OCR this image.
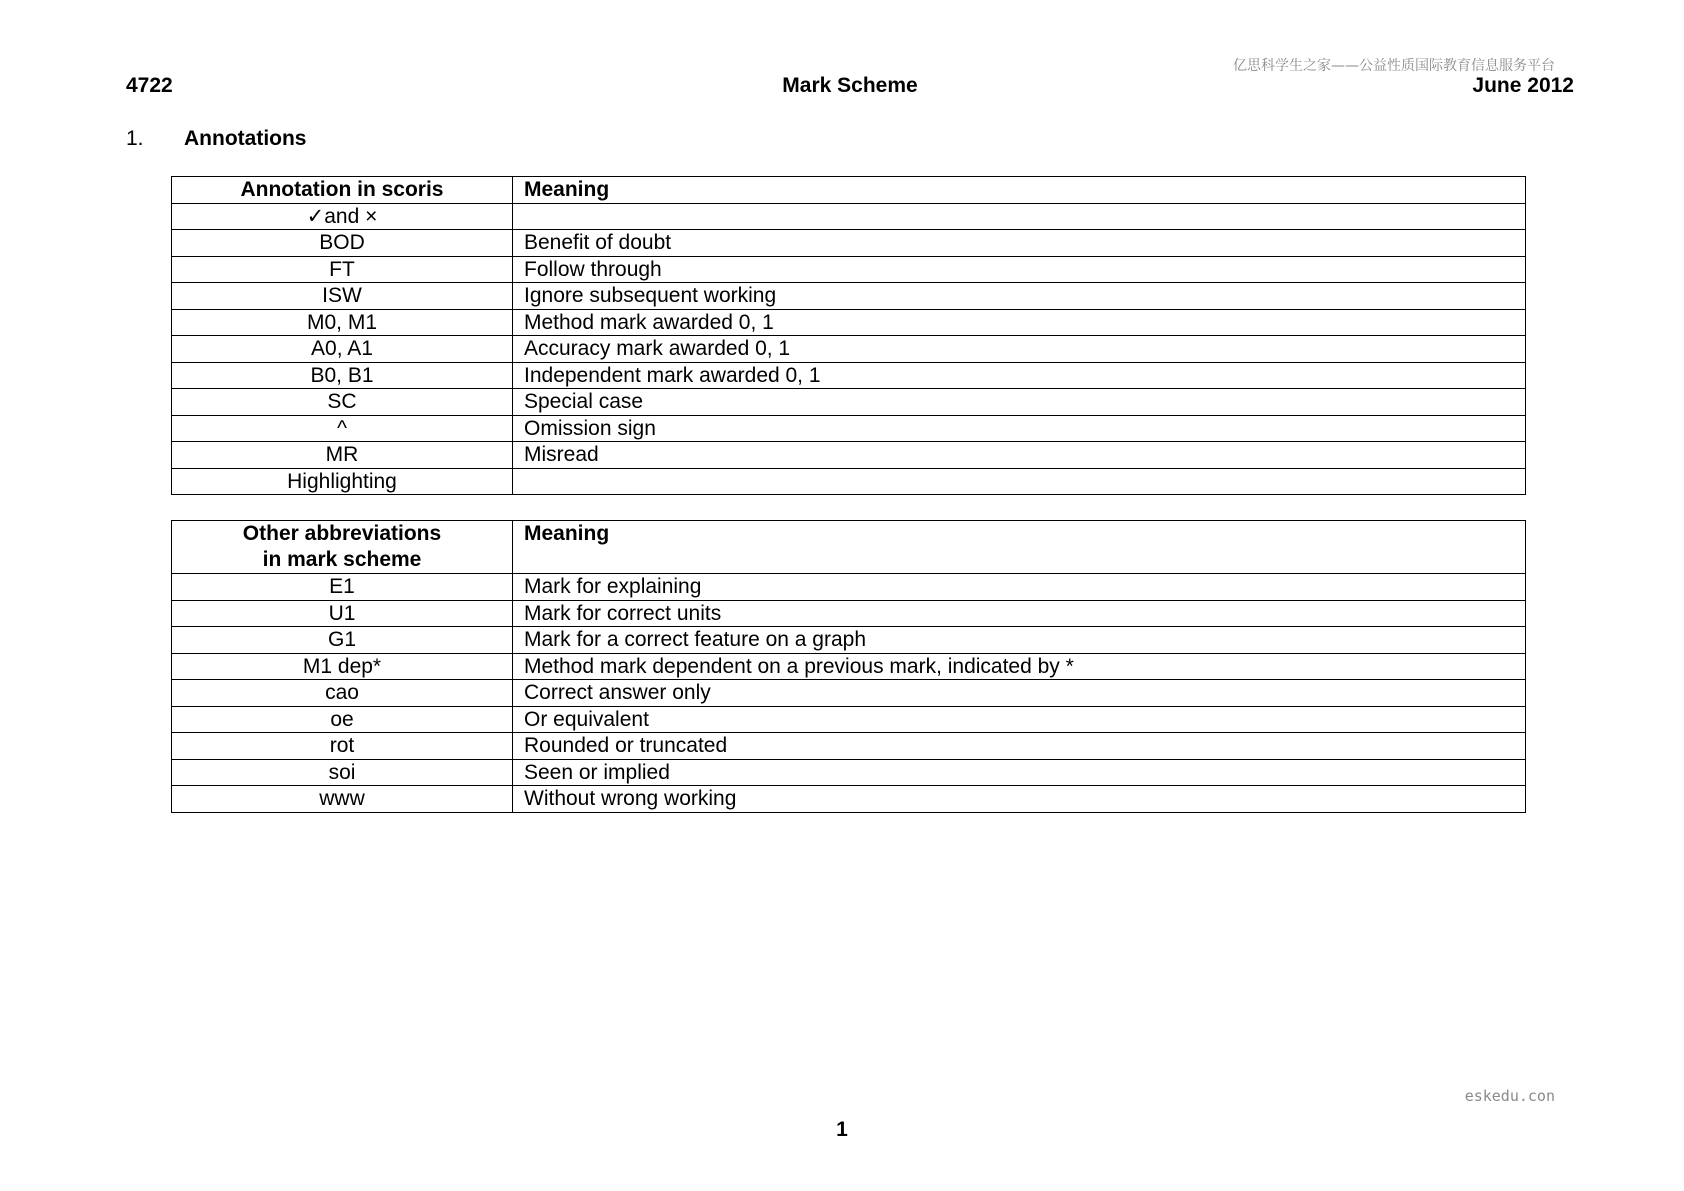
亿思科学生之家——公益性质国际教育信息服务平台
4722	Mark Scheme	June 2012
1. Annotations
Annotation in scoris	Meaning
✓and ×	
BOD	Benefit of doubt
FT	Follow through
ISW	Ignore subsequent working
M0, M1	Method mark awarded 0, 1
A0, A1	Accuracy mark awarded 0, 1
B0, B1	Independent mark awarded 0, 1
SC	Special case
^	Omission sign
MR	Misread
Highlighting	
Other abbreviations
in mark scheme	Meaning
E1	Mark for explaining
U1	Mark for correct units
G1	Mark for a correct feature on a graph
M1 dep*	Method mark dependent on a previous mark, indicated by *
cao	Correct answer only
oe	Or equivalent
rot	Rounded or truncated
soi	Seen or implied
www	Without wrong working
eskedu.con
1
